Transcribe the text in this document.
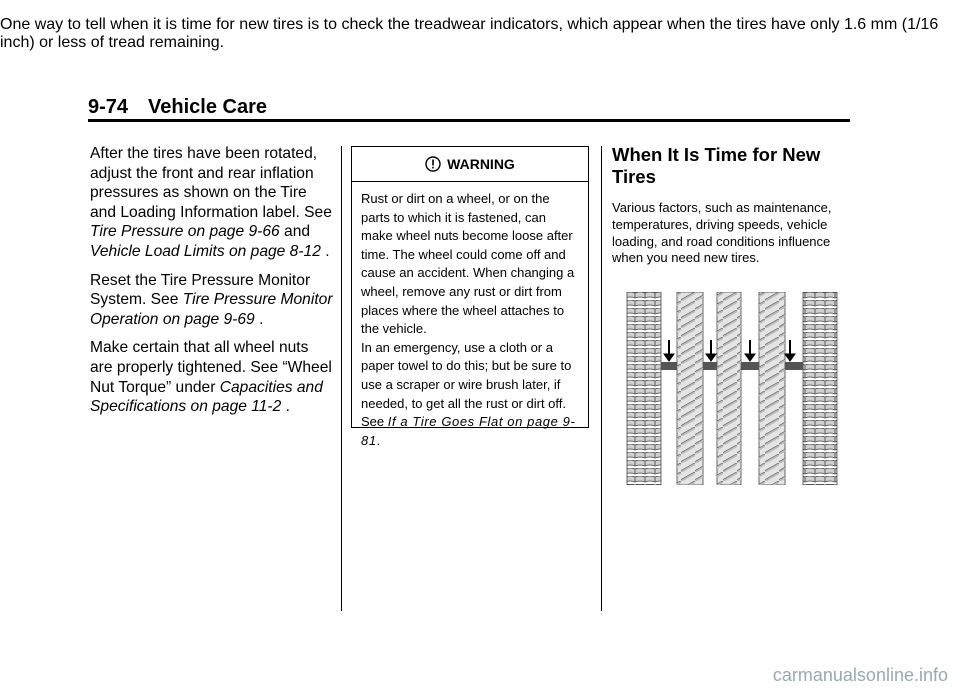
9-74 Vehicle Care

After the tires have been rotated, adjust the front and rear inflation pressures as shown on the Tire and Loading Information label. See Tire Pressure on page 9-66 and Vehicle Load Limits on page 8-12 .

Reset the Tire Pressure Monitor System. See Tire Pressure Monitor Operation on page 9-69 .

Make certain that all wheel nuts are properly tightened. See “Wheel Nut Torque” under Capacities and Specifications on page 11-2 .

WARNING
Rust or dirt on a wheel, or on the parts to which it is fastened, can make wheel nuts become loose after time. The wheel could come off and cause an accident. When changing a wheel, remove any rust or dirt from places where the wheel attaches to the vehicle.
In an emergency, use a cloth or a paper towel to do this; but be sure to use a scraper or wire brush later, if needed, to get all the rust or dirt off. See If a Tire Goes Flat on page 9-81.
When It Is Time for New Tires

Various factors, such as maintenance, temperatures, driving speeds, vehicle loading, and road conditions influence when you need new tires.

One way to tell when it is time for new tires is to check the treadwear indicators, which appear when the tires have only 1.6 mm (1/16 inch) or less of tread remaining.

carmanualsonline.info
